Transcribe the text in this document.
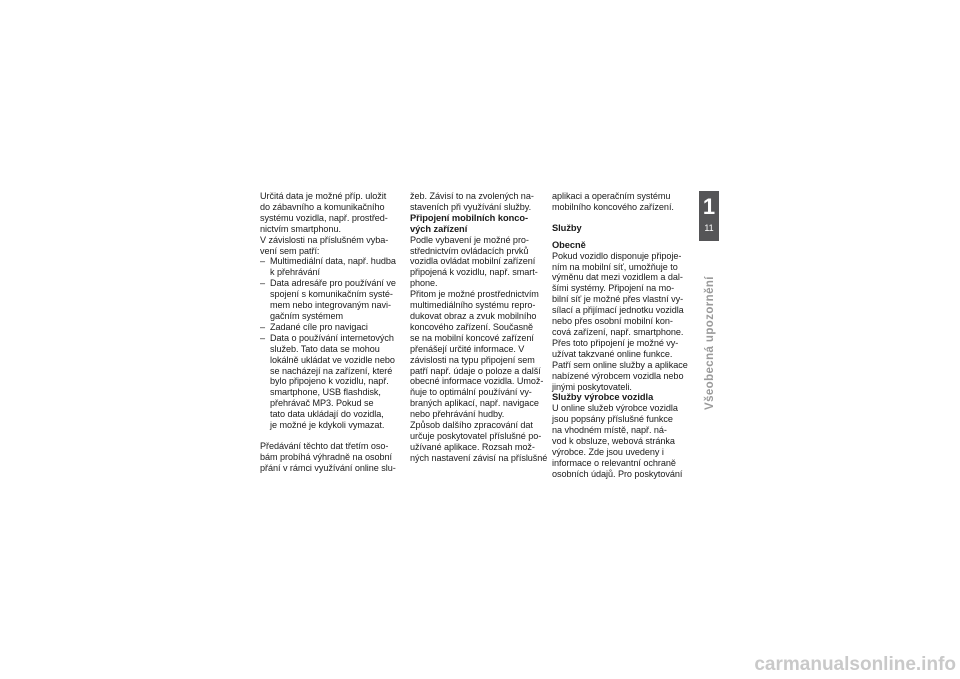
Určitá data je možné příp. uložit
do zábavního a komunikačního
systému vozidla, např. prostřed-
nictvím smartphonu.

V závislosti na příslušném vyba-
vení sem patří:

– Multimediální data, např. hudba
k přehrávání
– Data adresáře pro používání ve
spojení s komunikačním systé-
mem nebo integrovaným navi-
gačním systémem
– Zadané cíle pro navigaci
– Data o používání internetových
služeb. Tato data se mohou
lokálně ukládat ve vozidle nebo
se nacházejí na zařízení, které
bylo připojeno k vozidlu, např.
smartphone, USB flashdisk,
přehrávač MP3. Pokud se
tato data ukládají do vozidla,
je možné je kdykoli vymazat.

Předávání těchto dat třetím oso-
bám probíhá výhradně na osobní
přání v rámci využívání online slu-

žeb. Závisí to na zvolených na-
staveních při využívání služby.

Připojení mobilních konco-
vých zařízení

Podle vybavení je možné pro-
střednictvím ovládacích prvků
vozidla ovládat mobilní zařízení
připojená k vozidlu, např. smart-
phone.

Přitom je možné prostřednictvím
multimediálního systému repro-
dukovat obraz a zvuk mobilního
koncového zařízení. Současně
se na mobilní koncové zařízení
přenášejí určité informace. V
závislosti na typu připojení sem
patří např. údaje o poloze a další
obecné informace vozidla. Umož-
ňuje to optimální používání vy-
braných aplikací, např. navigace
nebo přehrávání hudby.

Způsob dalšího zpracování dat
určuje poskytovatel příslušné po-
užívané aplikace. Rozsah mož-
ných nastavení závisí na příslušné

aplikaci a operačním systému
mobilního koncového zařízení.

Služby
Obecně

Pokud vozidlo disponuje připoje-
ním na mobilní síť, umožňuje to
výměnu dat mezi vozidlem a dal-
šími systémy. Připojení na mo-
bilní síť je možné přes vlastní vy-
sílací a přijímací jednotku vozidla
nebo přes osobní mobilní kon-
cová zařízení, např. smartphone.
Přes toto připojení je možné vy-
užívat takzvané online funkce.
Patří sem online služby a aplikace
nabízené výrobcem vozidla nebo
jinými poskytovateli.

Služby výrobce vozidla

U online služeb výrobce vozidla
jsou popsány příslušné funkce
na vhodném místě, např. ná-
vod k obsluze, webová stránka
výrobce. Zde jsou uvedeny i
informace o relevantní ochraně
osobních údajů. Pro poskytování

1
11
Všeobecná upozornění
carmanualsonline.info
